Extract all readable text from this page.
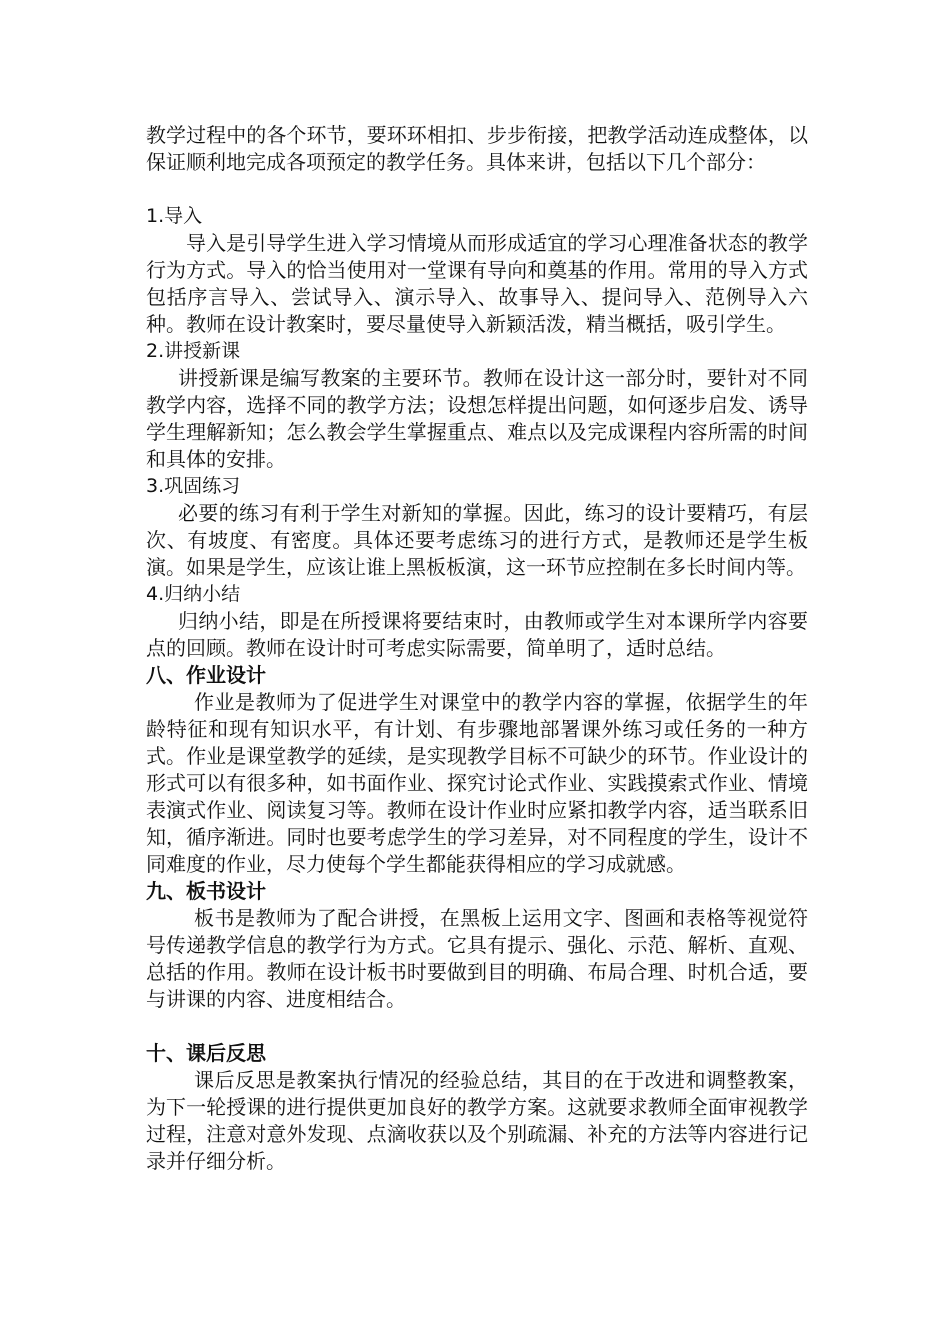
教学过程中的各个环节，要环环相扣、步步衔接，把教学活动连成整体，以保证顺利地完成各项预定的教学任务。具体来讲，包括以下几个部分：

1.导入

导入是引导学生进入学习情境从而形成适宜的学习心理准备状态的教学行为方式。导入的恰当使用对一堂课有导向和奠基的作用。常用的导入方式包括序言导入、尝试导入、演示导入、故事导入、提问导入、范例导入六种。教师在设计教案时，要尽量使导入新颖活泼，精当概括，吸引学生。

2.讲授新课

讲授新课是编写教案的主要环节。教师在设计这一部分时，要针对不同教学内容，选择不同的教学方法；设想怎样提出问题，如何逐步启发、诱导学生理解新知；怎么教会学生掌握重点、难点以及完成课程内容所需的时间和具体的安排。

3.巩固练习

必要的练习有利于学生对新知的掌握。因此，练习的设计要精巧，有层次、有坡度、有密度。具体还要考虑练习的进行方式，是教师还是学生板演。如果是学生，应该让谁上黑板板演，这一环节应控制在多长时间内等。

4.归纳小结

归纳小结，即是在所授课将要结束时，由教师或学生对本课所学内容要点的回顾。教师在设计时可考虑实际需要，简单明了，适时总结。

八、作业设计

作业是教师为了促进学生对课堂中的教学内容的掌握，依据学生的年龄特征和现有知识水平，有计划、有步骤地部署课外练习或任务的一种方式。作业是课堂教学的延续，是实现教学目标不可缺少的环节。作业设计的形式可以有很多种，如书面作业、探究讨论式作业、实践摸索式作业、情境表演式作业、阅读复习等。教师在设计作业时应紧扣教学内容，适当联系旧知，循序渐进。同时也要考虑学生的学习差异，对不同程度的学生，设计不同难度的作业，尽力使每个学生都能获得相应的学习成就感。

九、板书设计

板书是教师为了配合讲授，在黑板上运用文字、图画和表格等视觉符号传递教学信息的教学行为方式。它具有提示、强化、示范、解析、直观、总括的作用。教师在设计板书时要做到目的明确、布局合理、时机合适，要与讲课的内容、进度相结合。

十、课后反思

课后反思是教案执行情况的经验总结，其目的在于改进和调整教案，为下一轮授课的进行提供更加良好的教学方案。这就要求教师全面审视教学过程，注意对意外发现、点滴收获以及个别疏漏、补充的方法等内容进行记录并仔细分析。
